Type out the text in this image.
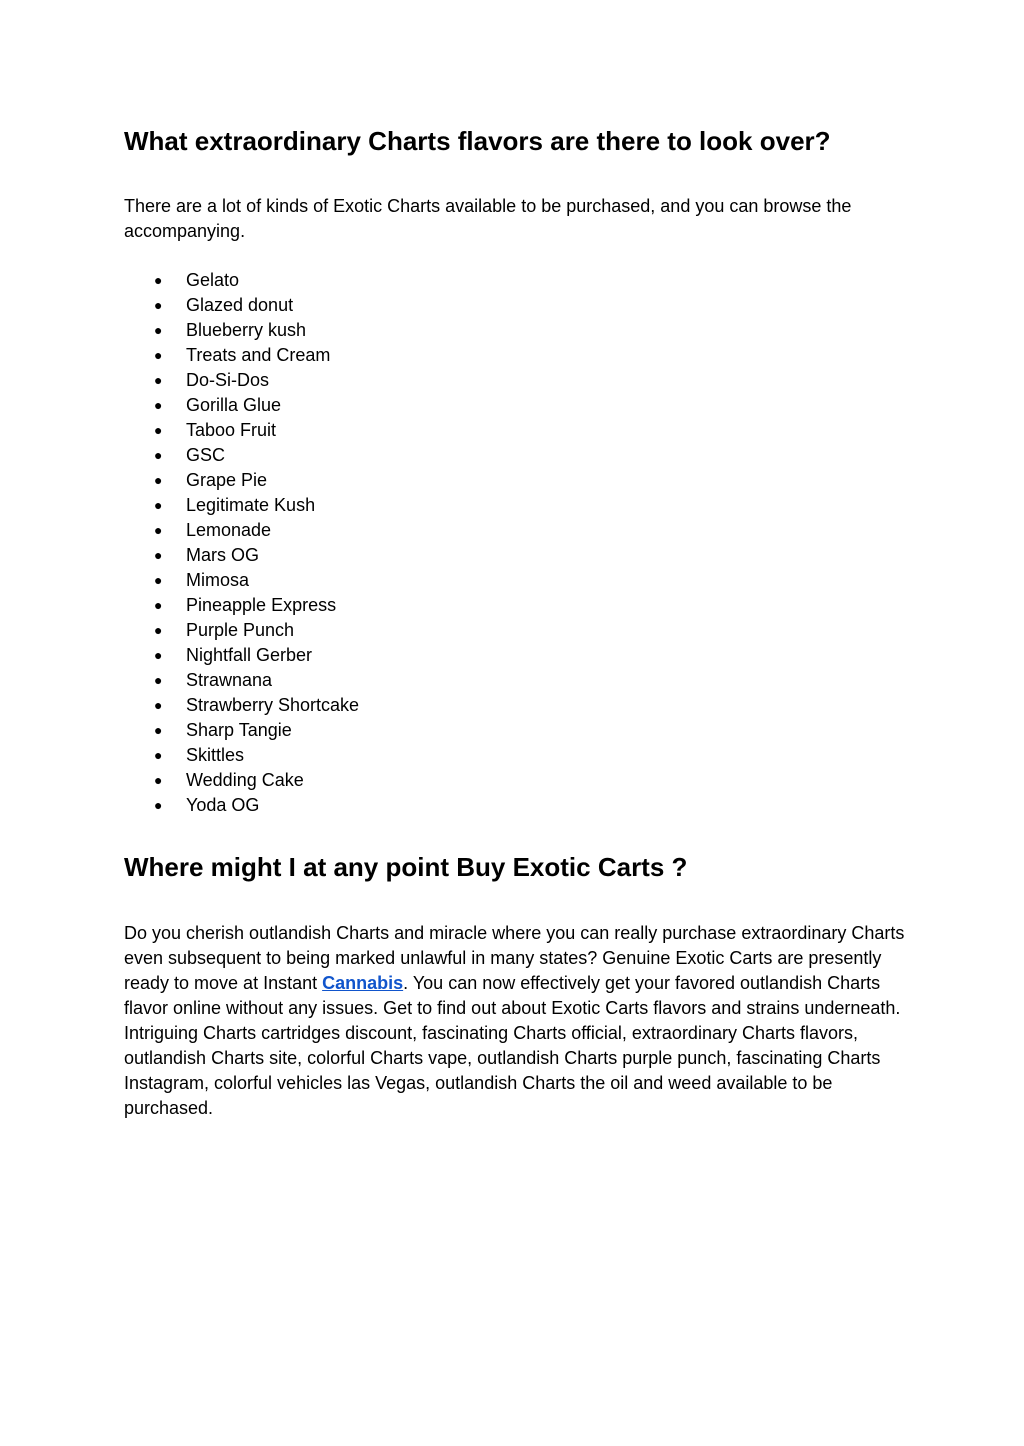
What extraordinary Charts flavors are there to look over?

There are a lot of kinds of Exotic Charts available to be purchased, and you can browse the accompanying.

● Gelato
● Glazed donut
● Blueberry kush
● Treats and Cream
● Do-Si-Dos
● Gorilla Glue
● Taboo Fruit
● GSC
● Grape Pie
● Legitimate Kush
● Lemonade
● Mars OG
● Mimosa
● Pineapple Express
● Purple Punch
● Nightfall Gerber
● Strawnana
● Strawberry Shortcake
● Sharp Tangie
● Skittles
● Wedding Cake
● Yoda OG
Where might I at any point Buy Exotic Carts ?

Do you cherish outlandish Charts and miracle where you can really purchase extraordinary Charts even subsequent to being marked unlawful in many states? Genuine Exotic Carts are presently ready to move at Instant Cannabis. You can now effectively get your favored outlandish Charts flavor online without any issues. Get to find out about Exotic Carts flavors and strains underneath. Intriguing Charts cartridges discount, fascinating Charts official, extraordinary Charts flavors, outlandish Charts site, colorful Charts vape, outlandish Charts purple punch, fascinating Charts Instagram, colorful vehicles las Vegas, outlandish Charts the oil and weed available to be purchased.
